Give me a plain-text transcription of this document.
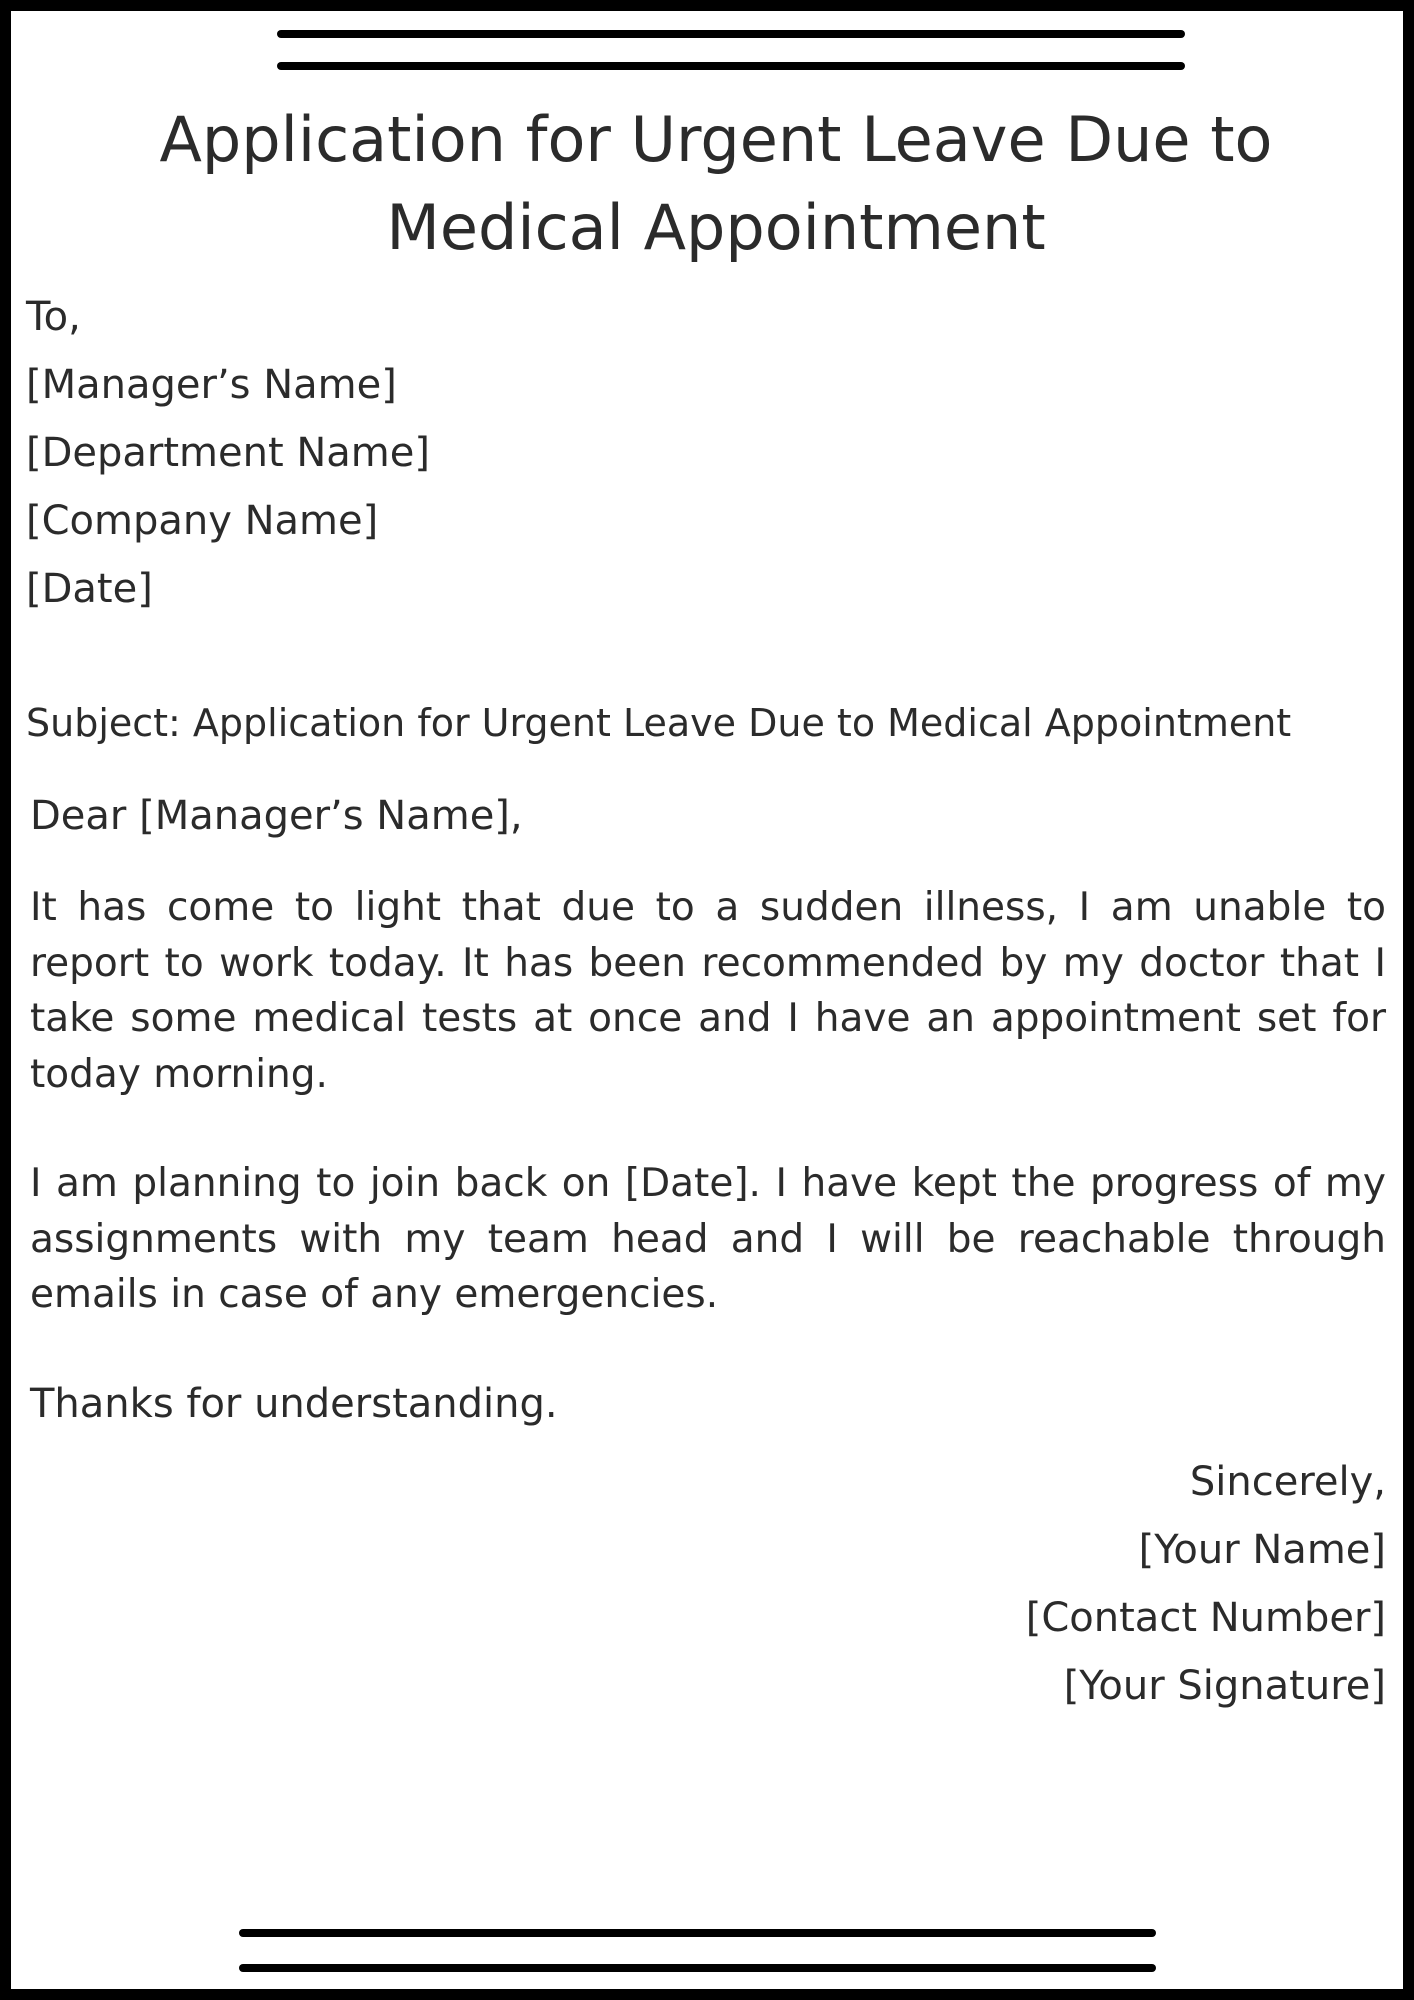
Application for Urgent Leave Due to Medical Appointment
To,
[Manager’s Name]
[Department Name]
[Company Name]
[Date]
Subject: Application for Urgent Leave Due to Medical Appointment
Dear [Manager’s Name],

It has come to light that due to a sudden illness, I am unable to report to work today. It has been recommended by my doctor that I take some medical tests at once and I have an appointment set for today morning.

I am planning to join back on [Date]. I have kept the progress of my assignments with my team head and I will be reachable through emails in case of any emergencies.

Thanks for understanding.
Sincerely,
[Your Name]
[Contact Number]
[Your Signature]
